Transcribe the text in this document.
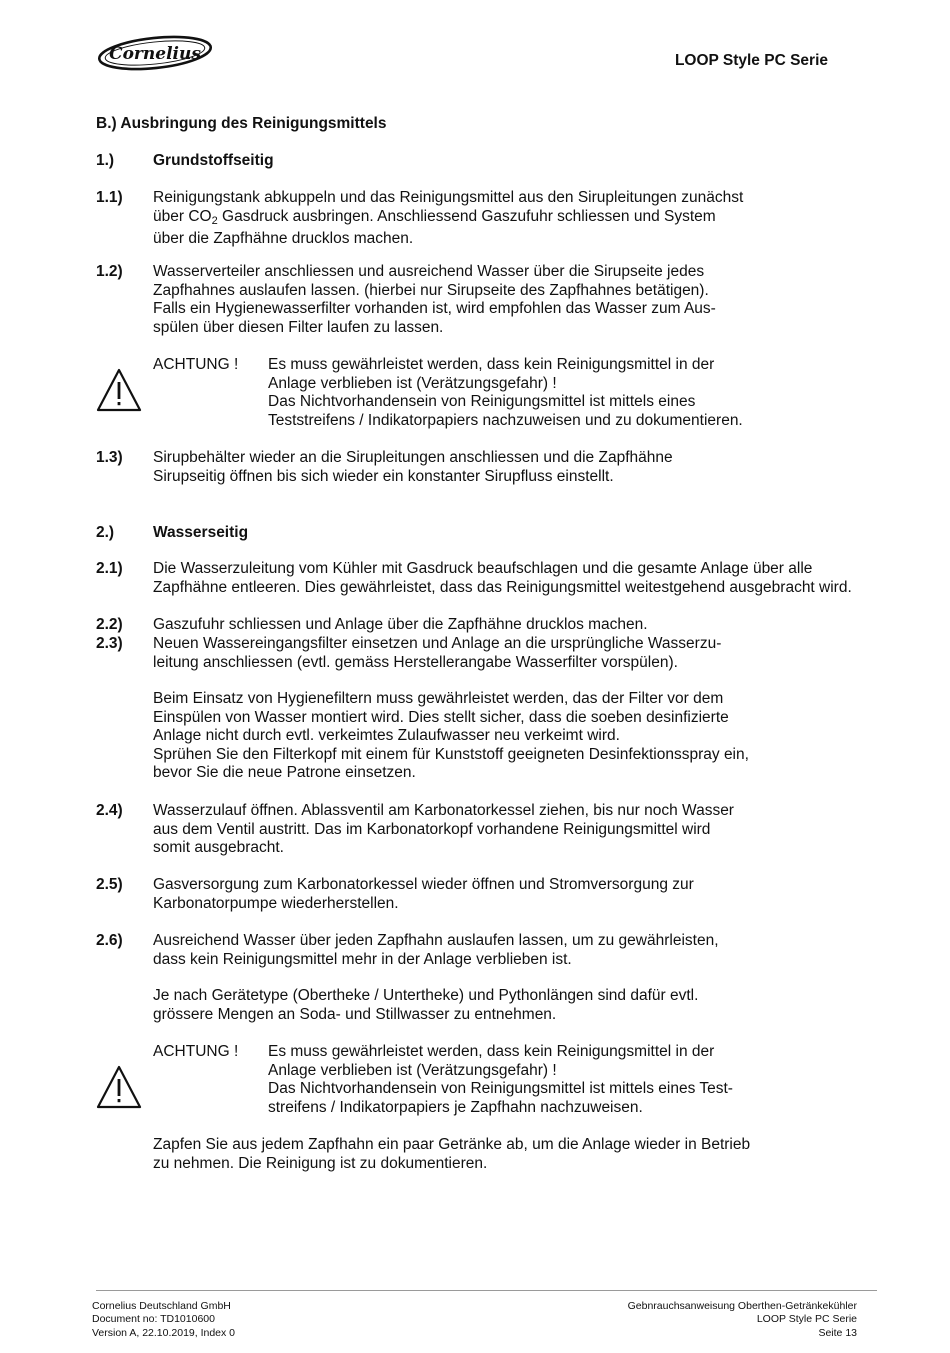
Cornelius	LOOP Style PC Serie
B.) Ausbringung des Reinigungsmittels
1.)	Grundstoffseitig
1.1) Reinigungstank abkuppeln und das Reinigungsmittel aus den Sirupleitungen zunächst
über $CO_2$ Gasdruck ausbringen. Anschliessend Gaszufuhr schliessen und System
über die Zapfhähne drucklos machen.
1.2) Wasserverteiler anschliessen und ausreichend Wasser über die Sirupseite jedes
Zapfhahnes auslaufen lassen. (hierbei nur Sirupseite des Zapfhahnes betätigen).
Falls ein Hygienewasserfilter vorhanden ist, wird empfohlen das Wasser zum Aus-
spülen über diesen Filter laufen zu lassen.
ACHTUNG ! Es muss gewährleistet werden, dass kein Reinigungsmittel in der
Anlage verblieben ist (Verätzungsgefahr) !
Das Nichtvorhandensein von Reinigungsmittel ist mittels eines
Teststreifens / Indikatorpapiers nachzuweisen und zu dokumentieren.
1.3) Sirupbehälter wieder an die Sirupleitungen anschliessen und die Zapfhähne
Sirupseitig öffnen bis sich wieder ein konstanter Sirupfluss einstellt.
2.)	Wasserseitig
2.1) Die Wasserzuleitung vom Kühler mit Gasdruck beaufschlagen und die gesamte Anlage über alle
Zapfhähne entleeren. Dies gewährleistet, dass das Reinigungsmittel weitestgehend ausgebracht wird.
2.2) Gaszufuhr schliessen und Anlage über die Zapfhähne drucklos machen.
2.3) Neuen Wassereingangsfilter einsetzen und Anlage an die ursprüngliche Wasserzu-
leitung anschliessen (evtl. gemäss Herstellerangabe Wasserfilter vorspülen).
Beim Einsatz von Hygienefiltern muss gewährleistet werden, das der Filter vor dem
Einspülen von Wasser montiert wird. Dies stellt sicher, dass die soeben desinfizierte
Anlage nicht durch evtl. verkeimtes Zulaufwasser neu verkeimt wird.
Sprühen Sie den Filterkopf mit einem für Kunststoff geeigneten Desinfektionsspray ein,
bevor Sie die neue Patrone einsetzen.
2.4) Wasserzulauf öffnen. Ablassventil am Karbonatorkessel ziehen, bis nur noch Wasser
aus dem Ventil austritt. Das im Karbonatorkopf vorhandene Reinigungsmittel wird
somit ausgebracht.
2.5) Gasversorgung zum Karbonatorkessel wieder öffnen und Stromversorgung zur
Karbonatorpumpe wiederherstellen.
2.6) Ausreichend Wasser über jeden Zapfhahn auslaufen lassen, um zu gewährleisten,
dass kein Reinigungsmittel mehr in der Anlage verblieben ist.
Je nach Gerätetype (Obertheke / Untertheke) und Pythonlängen sind dafür evtl.
grössere Mengen an Soda- und Stillwasser zu entnehmen.
ACHTUNG ! Es muss gewährleistet werden, dass kein Reinigungsmittel in der
Anlage verblieben ist (Verätzungsgefahr) !
Das Nichtvorhandensein von Reinigungsmittel ist mittels eines Test-
streifens / Indikatorpapiers je Zapfhahn nachzuweisen.
Zapfen Sie aus jedem Zapfhahn ein paar Getränke ab, um die Anlage wieder in Betrieb
zu nehmen. Die Reinigung ist zu dokumentieren.
Cornelius Deutschland GmbH
Document no: TD1010600
Version A, 22.10.2019, Index 0
Gebnrauchsanweisung Oberthen-Getränkekühler
LOOP Style PC Serie
Seite 13
